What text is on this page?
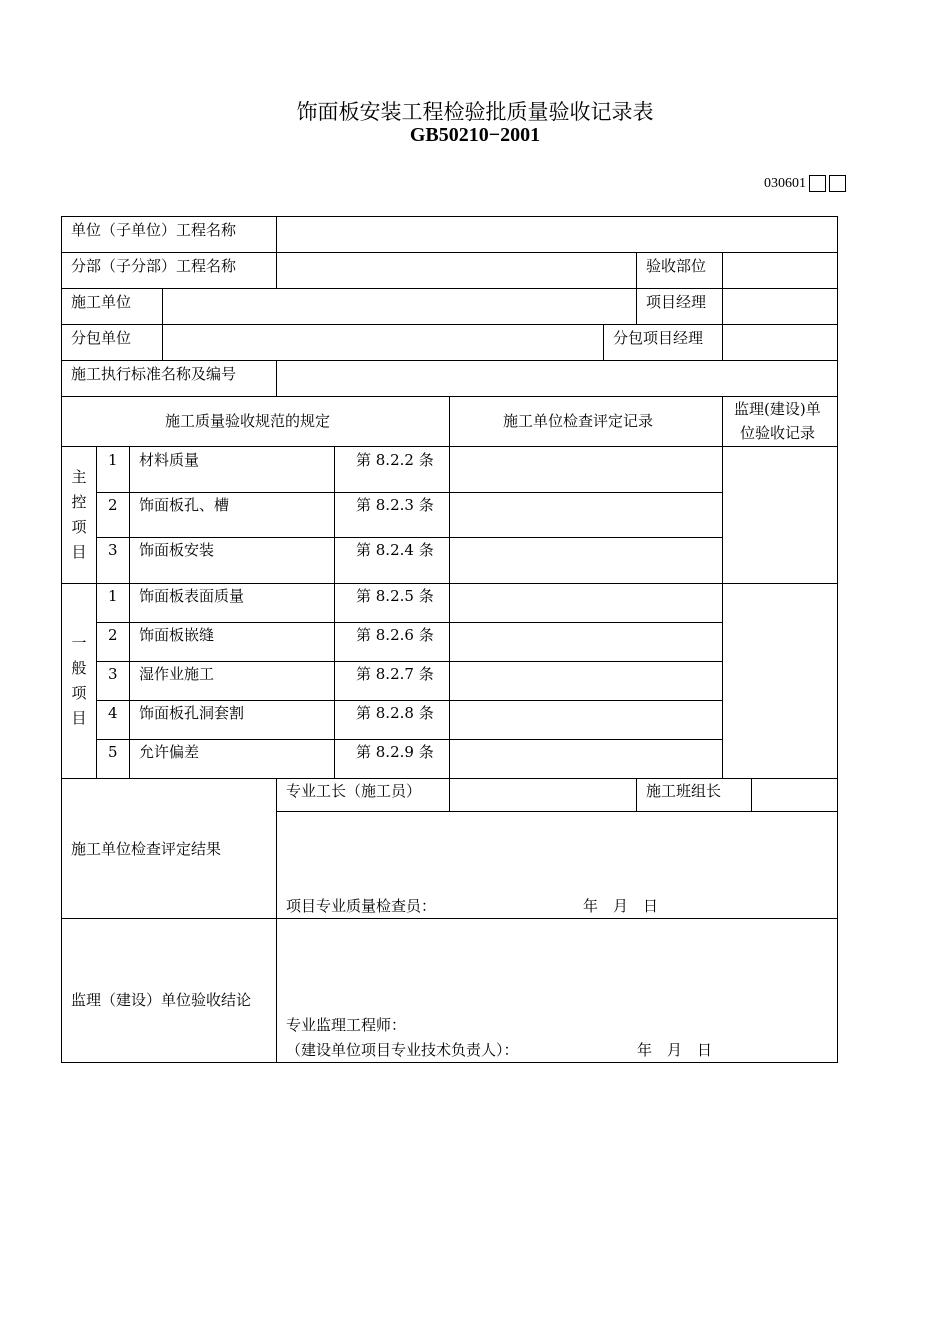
饰面板安装工程检验批质量验收记录表
GB50210−2001
030601
单位（子单位）工程名称
分部（子分部）工程名称	验收部位
施工单位	项目经理
分包单位	分包项目经理
施工执行标准名称及编号
施工质量验收规范的规定	施工单位检查评定记录
监理(建设)单
位验收记录
主
控
项
目
1 材料质量	第 8.2.2 条
2 饰面板孔、槽	第 8.2.3 条
3 饰面板安装	第 8.2.4 条
一
般
项
目
1 饰面板表面质量	第 8.2.5 条
2 饰面板嵌缝	第 8.2.6 条
3 湿作业施工	第 8.2.7 条
4 饰面板孔洞套割	第 8.2.8 条
5 允许偏差	第 8.2.9 条
施工单位检查评定结果
专业工长（施工员）	施工班组长
项目专业质量检查员：	年　月　日
监理（建设）单位验收结论
专业监理工程师：
（建设单位项目专业技术负责人）：	年　月　日
